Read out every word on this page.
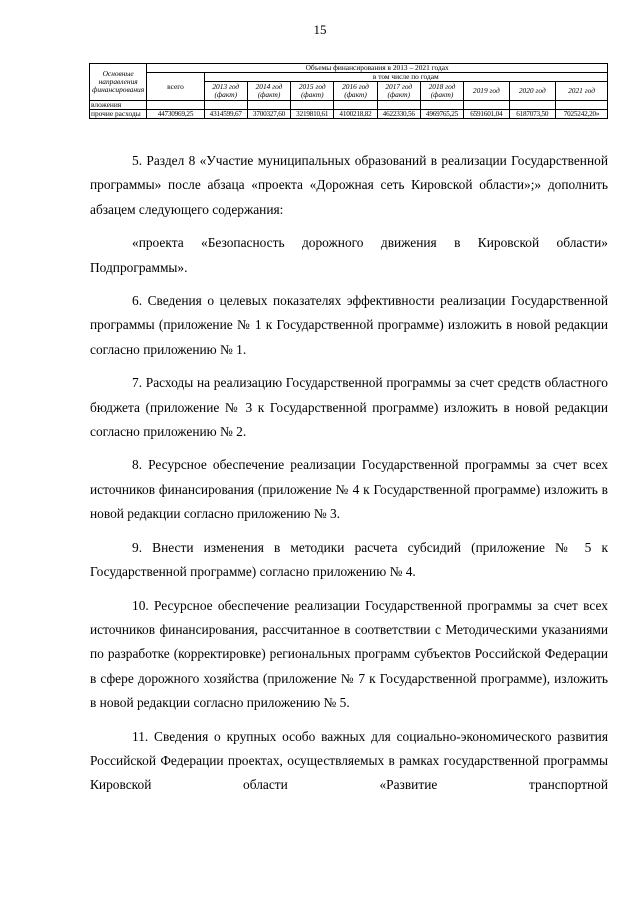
15
Основные направления финансирования	Объемы финансирования в 2013 – 2021 годах									
	всего	в том числе по годам								
		2013 год (факт)	2014 год (факт)	2015 год (факт)	2016 год (факт)	2017 год (факт)	2018 год (факт)	2019 год	2020 год	2021 год
вложения										
прочие расходы	44730969,25	4314599,67	3700327,60	3219810,61	4100218,82	4622330,56	4969765,25	6591601,04	6187073,50	7025242,20»

5. Раздел 8 «Участие муниципальных образований в реализации Государственной программы» после абзаца «проекта «Дорожная сеть Кировской области»;» дополнить абзацем следующего содержания:

«проекта «Безопасность дорожного движения в Кировской области» Подпрограммы».

6. Сведения о целевых показателях эффективности реализации Государственной программы (приложение № 1 к Государственной программе) изложить в новой редакции согласно приложению № 1.

7. Расходы на реализацию Государственной программы за счет средств областного бюджета (приложение № 3 к Государственной программе) изложить в новой редакции согласно приложению № 2.

8. Ресурсное обеспечение реализации Государственной программы за счет всех источников финансирования (приложение № 4 к Государственной программе) изложить в новой редакции согласно приложению № 3.

9. Внести изменения в методики расчета субсидий (приложение № 5 к Государственной программе) согласно приложению № 4.

10. Ресурсное обеспечение реализации Государственной программы за счет всех источников финансирования, рассчитанное в соответствии с Методическими указаниями по разработке (корректировке) региональных программ субъектов Российской Федерации в сфере дорожного хозяйства (приложение № 7 к Государственной программе), изложить в новой редакции согласно приложению № 5.

11. Сведения о крупных особо важных для социально-экономического развития Российской Федерации проектах, осуществляемых в рамках государственной программы Кировской области «Развитие транспортной
